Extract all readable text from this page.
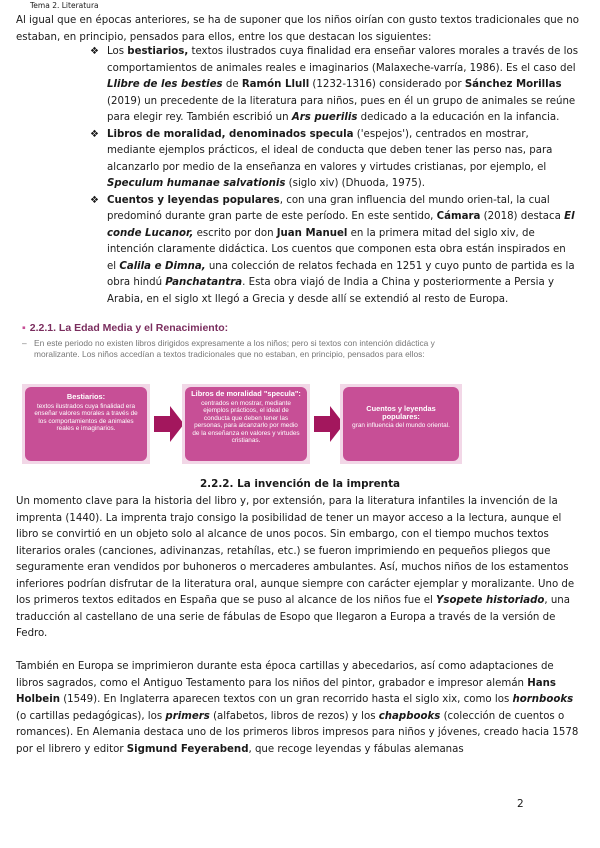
Tema 2. Literatura

Al igual que en épocas anteriores, se ha de suponer que los niños oirían con gusto textos tradicionales que no estaban, en principio, pensados para ellos, entre los que destacan los siguientes:

❖ Los bestiarios, textos ilustrados cuya finalidad era enseñar valores morales a través de los comportamientos de animales reales e imaginarios (Malaxeche-varría, 1986). Es el caso del Llibre de les besties de Ramón Llull (1232-1316) considerado por Sánchez Morillas (2019) un precedente de la literatura para niños, pues en él un grupo de animales se reúne para elegir rey. También escribió un Ars puerilis dedicado a la educación en la infancia.
❖ Libros de moralidad, denominados specula ('espejos'), centrados en mostrar, mediante ejemplos prácticos, el ideal de conducta que deben tener las perso nas, para alcanzarlo por medio de la enseñanza en valores y virtudes cristianas, por ejemplo, el Speculum humanae salvationis (siglo xiv) (Dhuoda, 1975).
❖ Cuentos y leyendas populares, con una gran influencia del mundo orien-tal, la cual predominó durante gran parte de este período. En este sentido, Cámara (2018) destaca El conde Lucanor, escrito por don Juan Manuel en la primera mitad del siglo xiv, de intención claramente didáctica. Los cuentos que componen esta obra están inspirados en el Calila e Dimna, una colección de relatos fechada en 1251 y cuyo punto de partida es la obra hindú Panchatantra. Esta obra viajó de India a China y posteriormente a Persia y Arabia, en el siglo xt llegó a Grecia y desde allí se extendió al resto de Europa.
▪ 2.2.1. La Edad Media y el Renacimiento:
– En este periodo no existen libros dirigidos expresamente a los niños; pero si textos con intención didáctica y moralizante. Los niños accedían a textos tradicionales que no estaban, en principio, pensados para ellos:
Bestiarios:
textos ilustrados cuya finalidad era enseñar valores morales a través de los comportamientos de animales reales e imaginarios.
Libros de moralidad "specula":
centrados en mostrar, mediante ejemplos prácticos, el ideal de conducta que deben tener las personas, para alcanzarlo por medio de la enseñanza en valores y virtudes cristianas.
Cuentos y leyendas populares:
gran influencia del mundo oriental.
2.2.2. La invención de la imprenta

Un momento clave para la historia del libro y, por extensión, para la literatura infantiles la invención de la imprenta (1440). La imprenta trajo consigo la posibilidad de tener un mayor acceso a la lectura, aunque el libro se convirtió en un objeto solo al alcance de unos pocos. Sin embargo, con el tiempo muchos textos literarios orales (canciones, adivinanzas, retahílas, etc.) se fueron imprimiendo en pequeños pliegos que seguramente eran vendidos por buhoneros o mercaderes ambulantes. Así, muchos niños de los estamentos inferiores podrían disfrutar de la literatura oral, aunque siempre con carácter ejemplar y moralizante. Uno de los primeros textos editados en España que se puso al alcance de los niños fue el Ysopete historiado, una traducción al castellano de una serie de fábulas de Esopo que llegaron a Europa a través de la versión de Fedro.

También en Europa se imprimieron durante esta época cartillas y abecedarios, así como adaptaciones de libros sagrados, como el Antiguo Testamento para los niños del pintor, grabador e impresor alemán Hans Holbein (1549). En Inglaterra aparecen textos con un gran recorrido hasta el siglo xix, como los hornbooks (o cartillas pedagógicas), los primers (alfabetos, libros de rezos) y los chapbooks (colección de cuentos o romances). En Alemania destaca uno de los primeros libros impresos para niños y jóvenes, creado hacia 1578 por el librero y editor Sigmund Feyerabend, que recoge leyendas y fábulas alemanas

2
